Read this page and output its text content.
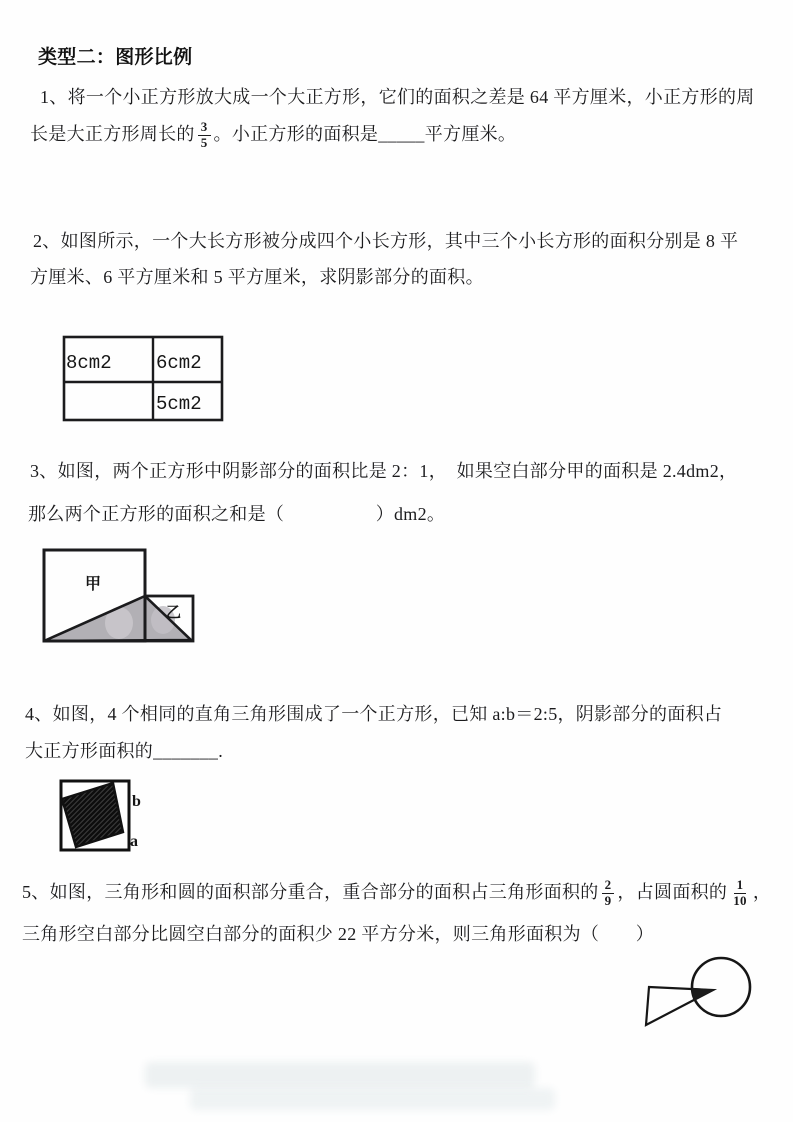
类型二：图形比例
1、将一个小正方形放大成一个大正方形，它们的面积之差是 64 平方厘米，小正方形的周
长是大正方形周长的 $\frac{3}{5}$ 。小正方形的面积是_____平方厘米。
2、如图所示，一个大长方形被分成四个小长方形，其中三个小长方形的面积分别是 8 平
方厘米、6 平方厘米和 5 平方厘米，求阴影部分的面积。
8cm2 6cm2
5cm2
3、如图，两个正方形中阴影部分的面积比是 2：1，  如果空白部分甲的面积是 2.4dm2，
那么两个正方形的面积之和是（　　　　　）dm2。
甲
乙
4、如图，4 个相同的直角三角形围成了一个正方形，已知 a:b＝2:5，阴影部分的面积占
大正方形面积的_______.
b
a
5、如图，三角形和圆的面积部分重合，重合部分的面积占三角形面积的 $\frac{2}{9}$ ，占圆面积的 $\frac{1}{10}$ ，
三角形空白部分比圆空白部分的面积少 22 平方分米，则三角形面积为（　　）
